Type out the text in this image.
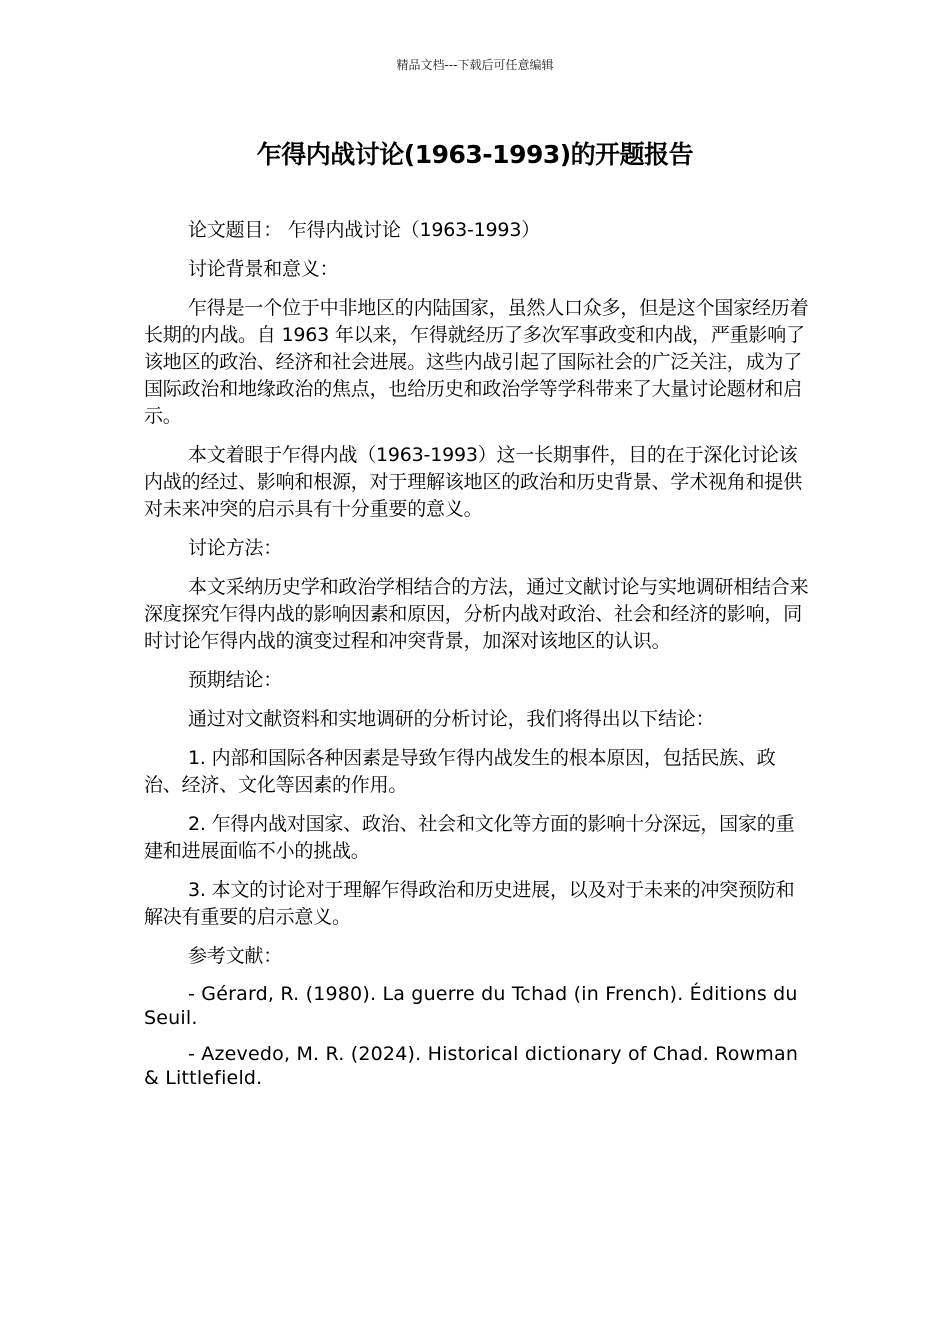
精品文档---下载后可任意编辑
乍得内战讨论(1963-1993)的开题报告

论文题目： 乍得内战讨论（1963-1993）

讨论背景和意义：

乍得是一个位于中非地区的内陆国家，虽然人口众多，但是这个国家经历着长期的内战。自 1963 年以来，乍得就经历了多次军事政变和内战，严重影响了该地区的政治、经济和社会进展。这些内战引起了国际社会的广泛关注，成为了国际政治和地缘政治的焦点，也给历史和政治学等学科带来了大量讨论题材和启示。

本文着眼于乍得内战（1963-1993）这一长期事件，目的在于深化讨论该内战的经过、影响和根源，对于理解该地区的政治和历史背景、学术视角和提供对未来冲突的启示具有十分重要的意义。

讨论方法：

本文采纳历史学和政治学相结合的方法，通过文献讨论与实地调研相结合来深度探究乍得内战的影响因素和原因，分析内战对政治、社会和经济的影响，同时讨论乍得内战的演变过程和冲突背景，加深对该地区的认识。

预期结论：

通过对文献资料和实地调研的分析讨论，我们将得出以下结论：

1. 内部和国际各种因素是导致乍得内战发生的根本原因，包括民族、政治、经济、文化等因素的作用。

2. 乍得内战对国家、政治、社会和文化等方面的影响十分深远，国家的重建和进展面临不小的挑战。

3. 本文的讨论对于理解乍得政治和历史进展，以及对于未来的冲突预防和解决有重要的启示意义。

参考文献：

- Gérard, R. (1980). La guerre du Tchad (in French). Éditions du Seuil.

- Azevedo, M. R. (2024). Historical dictionary of Chad. Rowman & Littlefield.
